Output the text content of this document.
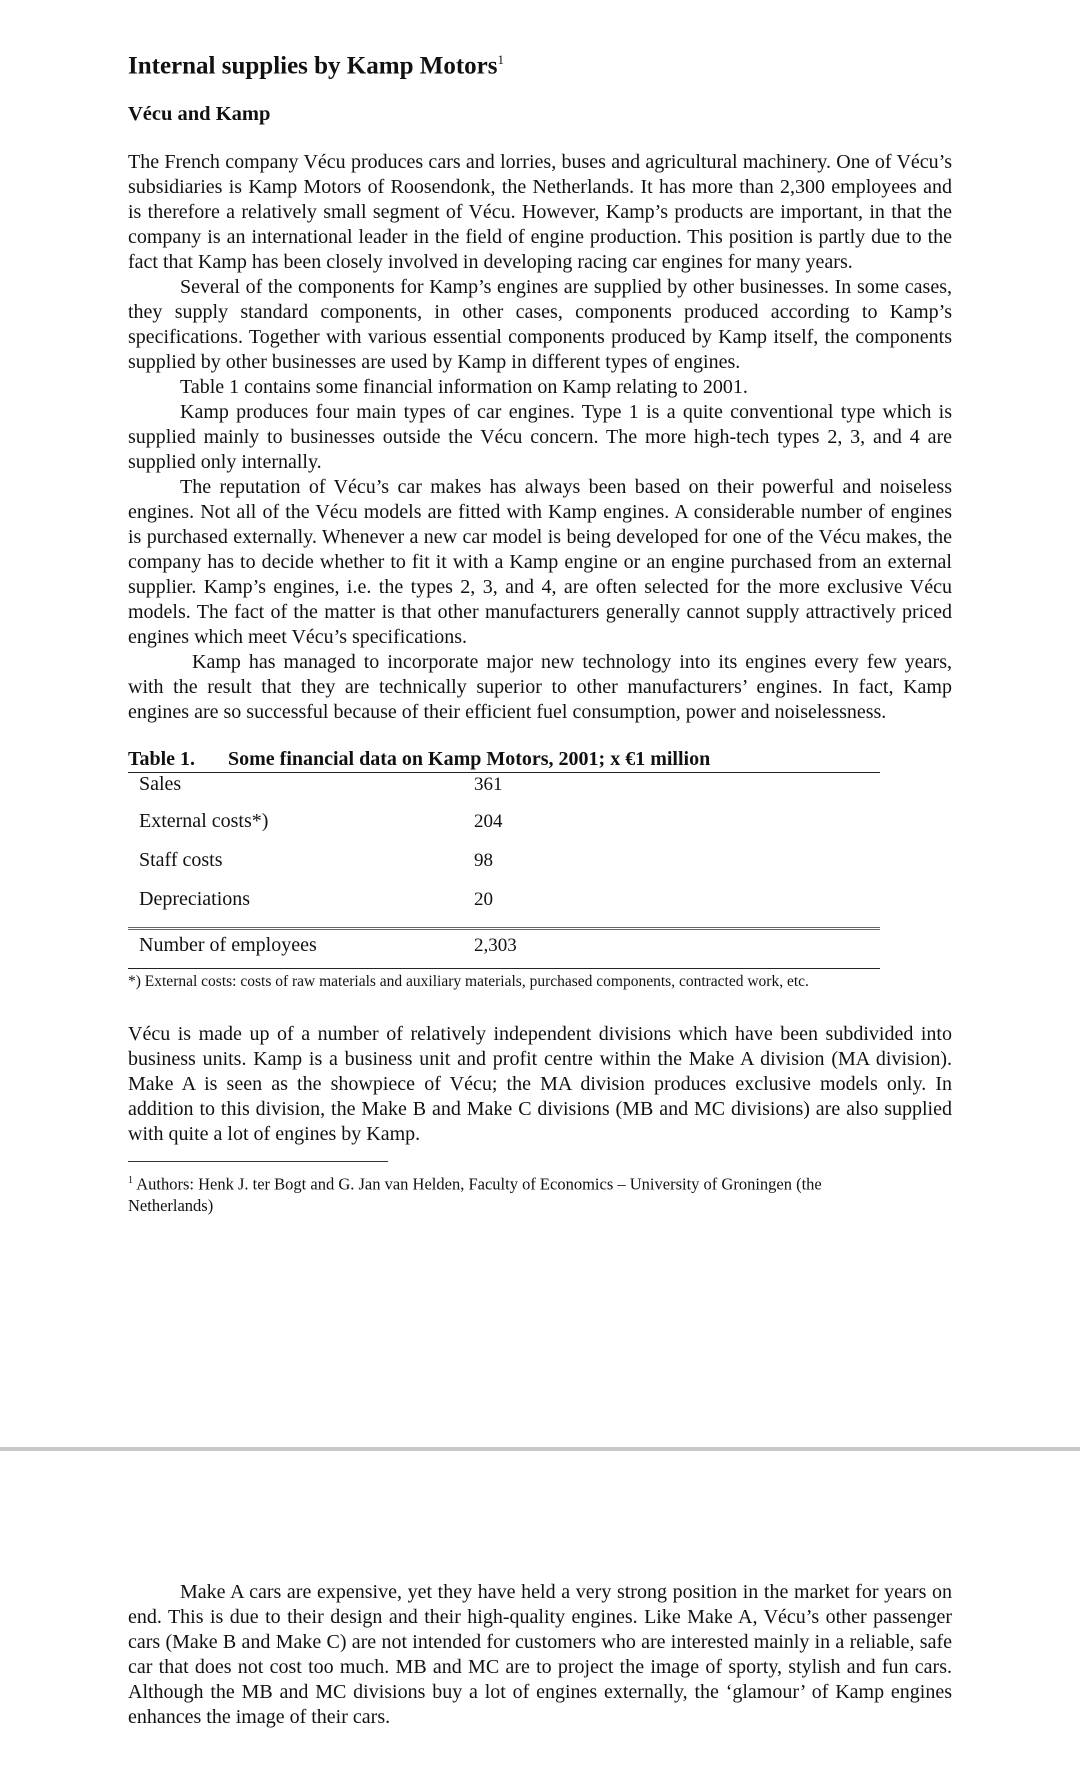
Internal supplies by Kamp Motors$^1$
Vécu and Kamp

The French company Vécu produces cars and lorries, buses and agricultural machinery. One of Vécu’s subsidiaries is Kamp Motors of Roosendonk, the Netherlands. It has more than 2,300 employees and is therefore a relatively small segment of Vécu. However, Kamp’s products are important, in that the company is an international leader in the field of engine production. This position is partly due to the fact that Kamp has been closely involved in developing racing car engines for many years.

Several of the components for Kamp’s engines are supplied by other businesses. In some cases, they supply standard components, in other cases, components produced according to Kamp’s specifications. Together with various essential components produced by Kamp itself, the components supplied by other businesses are used by Kamp in different types of engines.

Table 1 contains some financial information on Kamp relating to 2001.

Kamp produces four main types of car engines. Type 1 is a quite conventional type which is supplied mainly to businesses outside the Vécu concern. The more high-tech types 2, 3, and 4 are supplied only internally.

The reputation of Vécu’s car makes has always been based on their powerful and noiseless engines. Not all of the Vécu models are fitted with Kamp engines. A considerable number of engines is purchased externally. Whenever a new car model is being developed for one of the Vécu makes, the company has to decide whether to fit it with a Kamp engine or an engine purchased from an external supplier. Kamp’s engines, i.e. the types 2, 3, and 4, are often selected for the more exclusive Vécu models. The fact of the matter is that other manufacturers generally cannot supply attractively priced engines which meet Vécu’s specifications.

Kamp has managed to incorporate major new technology into its engines every few years, with the result that they are technically superior to other manufacturers’ engines. In fact, Kamp engines are so successful because of their efficient fuel consumption, power and noiselessness.

Table 1. Some financial data on Kamp Motors, 2001; x €1 million
Sales	361
External costs*)	204
Staff costs	98
Depreciations	20
Number of employees	2,303
*) External costs: costs of raw materials and auxiliary materials, purchased components, contracted work, etc.

Vécu is made up of a number of relatively independent divisions which have been subdivided into business units. Kamp is a business unit and profit centre within the Make A division (MA division). Make A is seen as the showpiece of Vécu; the MA division produces exclusive models only. In addition to this division, the Make B and Make C divisions (MB and MC divisions) are also supplied with quite a lot of engines by Kamp.

$^1$ Authors: Henk J. ter Bogt and G. Jan van Helden, Faculty of Economics – University of Groningen (the Netherlands)

Make A cars are expensive, yet they have held a very strong position in the market for years on end. This is due to their design and their high-quality engines. Like Make A, Vécu’s other passenger cars (Make B and Make C) are not intended for customers who are interested mainly in a reliable, safe car that does not cost too much. MB and MC are to project the image of sporty, stylish and fun cars. Although the MB and MC divisions buy a lot of engines externally, the ‘glamour’ of Kamp engines enhances the image of their cars.
